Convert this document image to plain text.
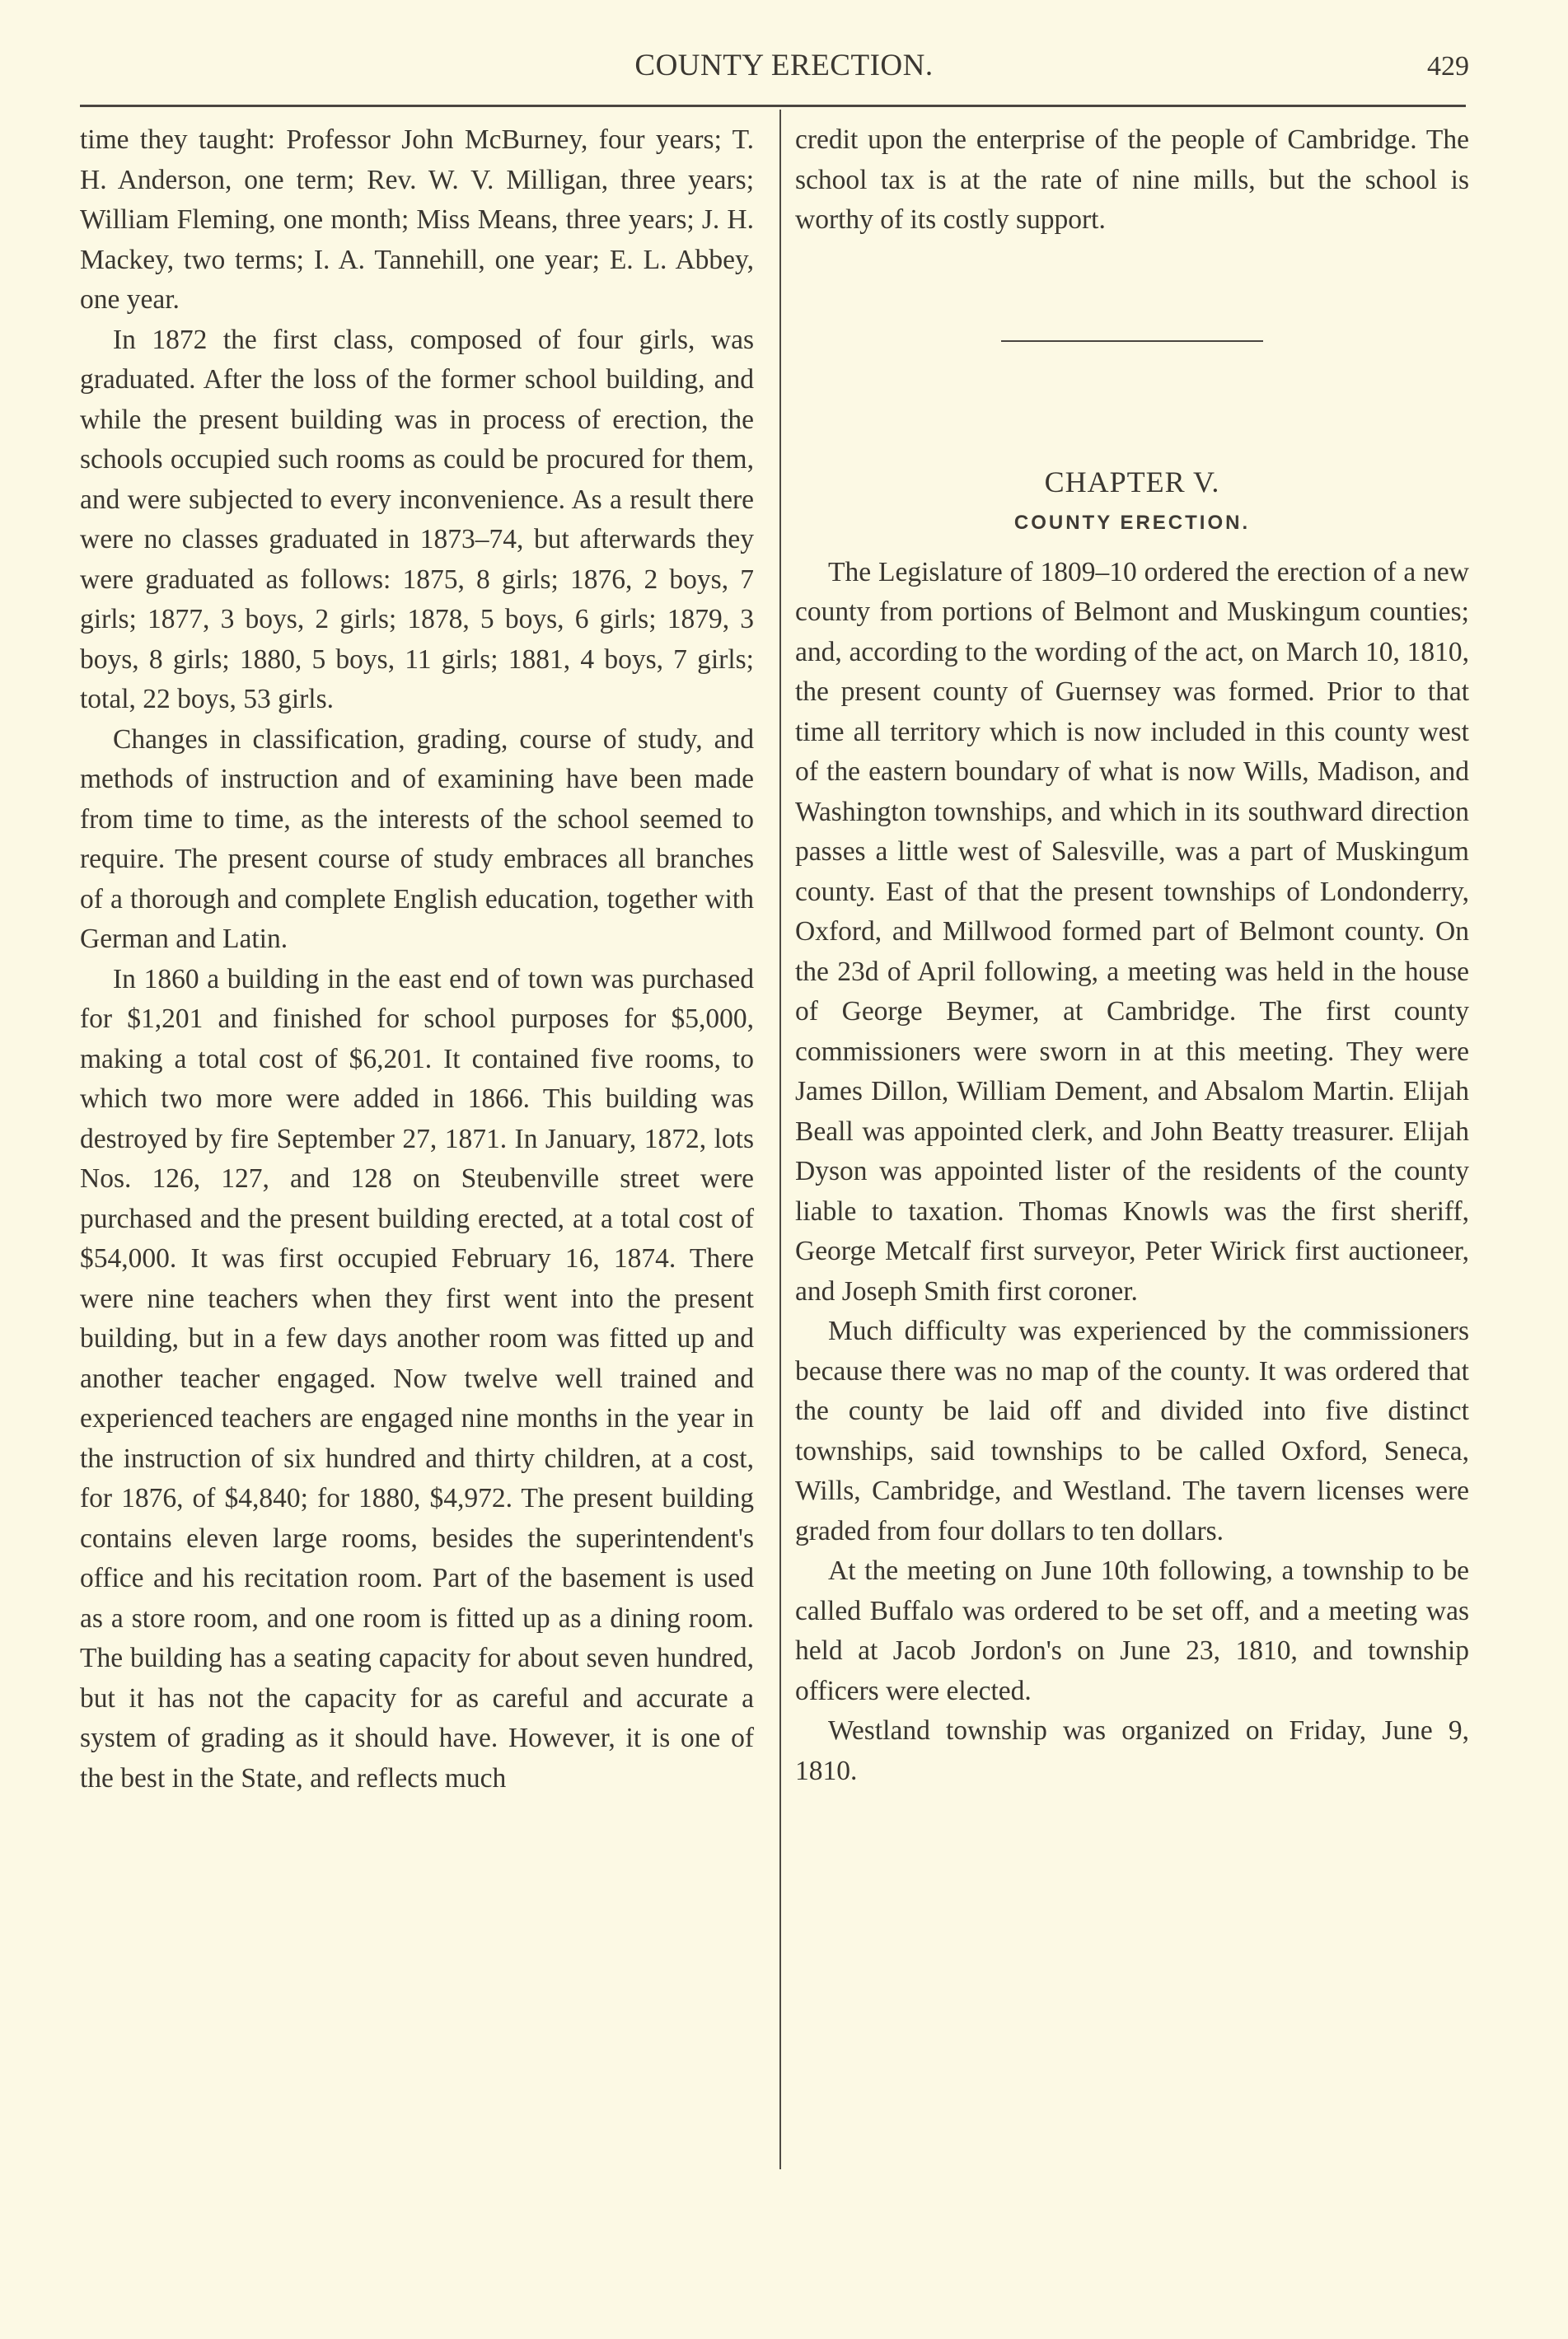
COUNTY ERECTION.	429

time they taught: Professor John McBurney, four years; T. H. Anderson, one term; Rev. W. V. Milligan, three years; William Fleming, one month; Miss Means, three years; J. H. Mackey, two terms; I. A. Tannehill, one year; E. L. Abbey, one year.

In 1872 the first class, composed of four girls, was graduated. After the loss of the former school building, and while the present building was in process of erection, the schools occupied such rooms as could be procured for them, and were subjected to every inconvenience. As a result there were no classes graduated in 1873–74, but afterwards they were graduated as follows: 1875, 8 girls; 1876, 2 boys, 7 girls; 1877, 3 boys, 2 girls; 1878, 5 boys, 6 girls; 1879, 3 boys, 8 girls; 1880, 5 boys, 11 girls; 1881, 4 boys, 7 girls; total, 22 boys, 53 girls.

Changes in classification, grading, course of study, and methods of instruction and of examining have been made from time to time, as the interests of the school seemed to require. The present course of study embraces all branches of a thorough and complete English education, together with German and Latin.

In 1860 a building in the east end of town was purchased for $1,201 and finished for school purposes for $5,000, making a total cost of $6,201. It contained five rooms, to which two more were added in 1866. This building was destroyed by fire September 27, 1871. In January, 1872, lots Nos. 126, 127, and 128 on Steubenville street were purchased and the present building erected, at a total cost of $54,000. It was first occupied February 16, 1874. There were nine teachers when they first went into the present building, but in a few days another room was fitted up and another teacher engaged. Now twelve well trained and experienced teachers are engaged nine months in the year in the instruction of six hundred and thirty children, at a cost, for 1876, of $4,840; for 1880, $4,972. The present building contains eleven large rooms, besides the superintendent's office and his recitation room. Part of the basement is used as a store room, and one room is fitted up as a dining room. The building has a seating capacity for about seven hundred, but it has not the capacity for as careful and accurate a system of grading as it should have. However, it is one of the best in the State, and reflects much

credit upon the enterprise of the people of Cambridge. The school tax is at the rate of nine mills, but the school is worthy of its costly support.

CHAPTER V.
COUNTY ERECTION.

The Legislature of 1809–10 ordered the erection of a new county from portions of Belmont and Muskingum counties; and, according to the wording of the act, on March 10, 1810, the present county of Guernsey was formed. Prior to that time all territory which is now included in this county west of the eastern boundary of what is now Wills, Madison, and Washington townships, and which in its southward direction passes a little west of Salesville, was a part of Muskingum county. East of that the present townships of Londonderry, Oxford, and Millwood formed part of Belmont county. On the 23d of April following, a meeting was held in the house of George Beymer, at Cambridge. The first county commissioners were sworn in at this meeting. They were James Dillon, William Dement, and Absalom Martin. Elijah Beall was appointed clerk, and John Beatty treasurer. Elijah Dyson was appointed lister of the residents of the county liable to taxation. Thomas Knowls was the first sheriff, George Metcalf first surveyor, Peter Wirick first auctioneer, and Joseph Smith first coroner.

Much difficulty was experienced by the commissioners because there was no map of the county. It was ordered that the county be laid off and divided into five distinct townships, said townships to be called Oxford, Seneca, Wills, Cambridge, and Westland. The tavern licenses were graded from four dollars to ten dollars.

At the meeting on June 10th following, a township to be called Buffalo was ordered to be set off, and a meeting was held at Jacob Jordon's on June 23, 1810, and township officers were elected.

Westland township was organized on Friday, June 9, 1810.
